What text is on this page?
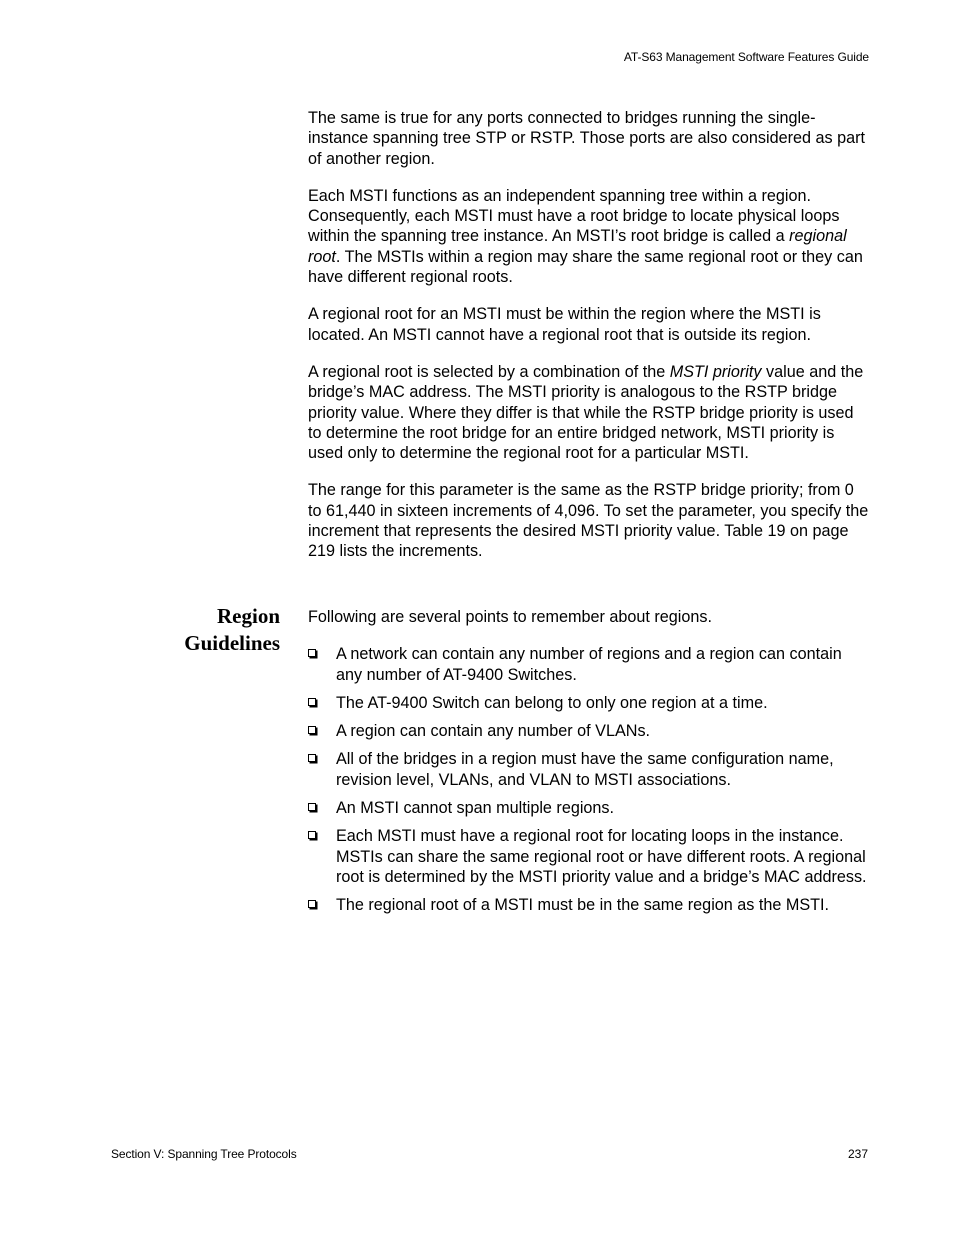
AT-S63 Management Software Features Guide

The same is true for any ports connected to bridges running the single-instance spanning tree STP or RSTP. Those ports are also considered as part of another region.

Each MSTI functions as an independent spanning tree within a region. Consequently, each MSTI must have a root bridge to locate physical loops within the spanning tree instance. An MSTI’s root bridge is called a regional root. The MSTIs within a region may share the same regional root or they can have different regional roots.

A regional root for an MSTI must be within the region where the MSTI is located. An MSTI cannot have a regional root that is outside its region.

A regional root is selected by a combination of the MSTI priority value and the bridge’s MAC address. The MSTI priority is analogous to the RSTP bridge priority value. Where they differ is that while the RSTP bridge priority is used to determine the root bridge for an entire bridged network, MSTI priority is used only to determine the regional root for a particular MSTI.

The range for this parameter is the same as the RSTP bridge priority; from 0 to 61,440 in sixteen increments of 4,096. To set the parameter, you specify the increment that represents the desired MSTI priority value. Table 19 on page 219 lists the increments.

Region
Guidelines

Following are several points to remember about regions.

A network can contain any number of regions and a region can contain any number of AT-9400 Switches.
The AT-9400 Switch can belong to only one region at a time.
A region can contain any number of VLANs.
All of the bridges in a region must have the same configuration name, revision level, VLANs, and VLAN to MSTI associations.
An MSTI cannot span multiple regions.
Each MSTI must have a regional root for locating loops in the instance. MSTIs can share the same regional root or have different roots. A regional root is determined by the MSTI priority value and a bridge’s MAC address.
The regional root of a MSTI must be in the same region as the MSTI.
Section V: Spanning Tree Protocols	237
